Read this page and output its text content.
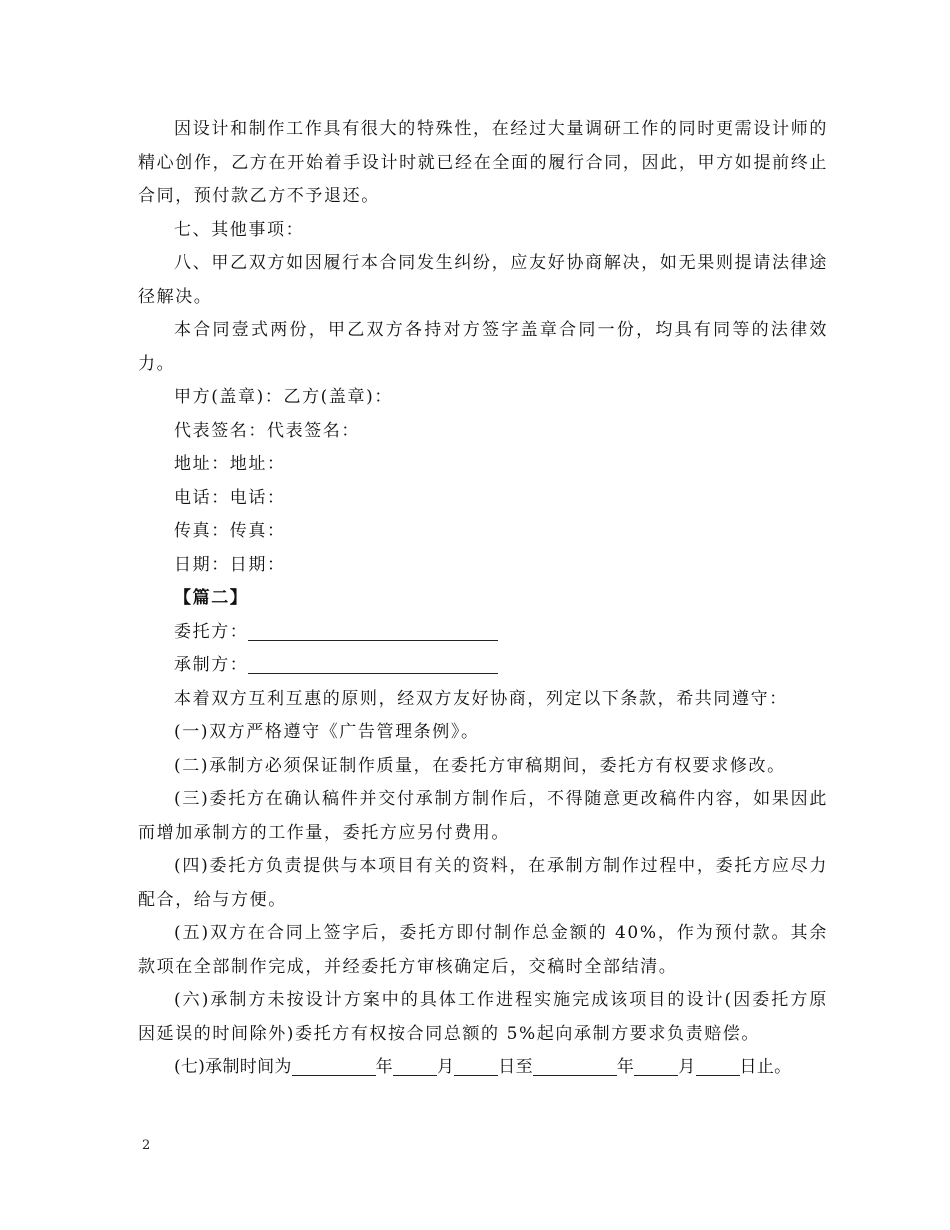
因设计和制作工作具有很大的特殊性，在经过大量调研工作的同时更需设计师的精心创作，乙方在开始着手设计时就已经在全面的履行合同，因此，甲方如提前终止合同，预付款乙方不予退还。

七、其他事项：

八、甲乙双方如因履行本合同发生纠纷，应友好协商解决，如无果则提请法律途径解决。

本合同壹式两份，甲乙双方各持对方签字盖章合同一份，均具有同等的法律效力。

甲方(盖章)：乙方(盖章)：

代表签名：代表签名：

地址：地址：

电话：电话：

传真：传真：

日期：日期：

【篇二】

委托方：

承制方：

本着双方互利互惠的原则，经双方友好协商，列定以下条款，希共同遵守：

(一)双方严格遵守《广告管理条例》。

(二)承制方必须保证制作质量，在委托方审稿期间，委托方有权要求修改。

(三)委托方在确认稿件并交付承制方制作后，不得随意更改稿件内容，如果因此而增加承制方的工作量，委托方应另付费用。

(四)委托方负责提供与本项目有关的资料，在承制方制作过程中，委托方应尽力配合，给与方便。

(五)双方在合同上签字后，委托方即付制作总金额的 40%，作为预付款。其余款项在全部制作完成，并经委托方审核确定后，交稿时全部结清。

(六)承制方未按设计方案中的具体工作进程实施完成该项目的设计(因委托方原因延误的时间除外)委托方有权按合同总额的 5%起向承制方要求负责赔偿。

(七)承制时间为	年	月	日至	年	月	日止。

2
